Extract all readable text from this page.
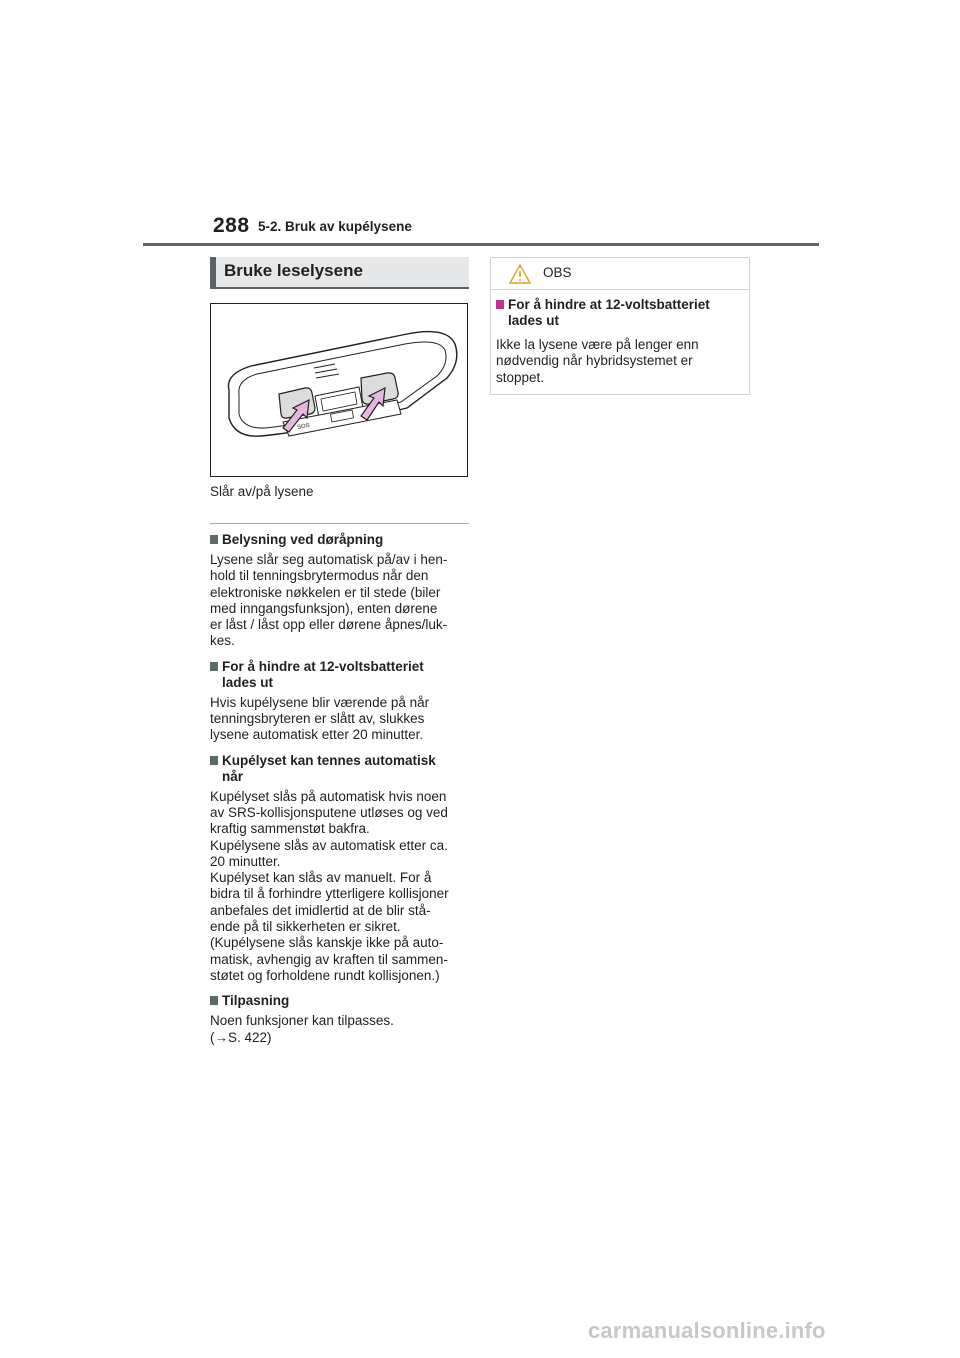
288 5-2. Bruk av kupélysene
Bruke leselysene
SOS
Slår av/på lysene
Belysning ved døråpning
Lysene slår seg automatisk på/av i hen-
hold til tenningsbrytermodus når den
elektroniske nøkkelen er til stede (biler
med inngangsfunksjon), enten dørene
er låst / låst opp eller dørene åpnes/luk-
kes.
For å hindre at 12-voltsbatteriet
lades ut
Hvis kupélysene blir værende på når
tenningsbryteren er slått av, slukkes
lysene automatisk etter 20 minutter.
Kupélyset kan tennes automatisk
når
Kupélyset slås på automatisk hvis noen
av SRS-kollisjonsputene utløses og ved
kraftig sammenstøt bakfra.
Kupélysene slås av automatisk etter ca.
20 minutter.
Kupélyset kan slås av manuelt. For å
bidra til å forhindre ytterligere kollisjoner
anbefales det imidlertid at de blir stå-
ende på til sikkerheten er sikret.
(Kupélysene slås kanskje ikke på auto-
matisk, avhengig av kraften til sammen-
støtet og forholdene rundt kollisjonen.)
Tilpasning
Noen funksjoner kan tilpasses.
(→S. 422)
OBS
For å hindre at 12-voltsbatteriet
lades ut
Ikke la lysene være på lenger enn
nødvendig når hybridsystemet er
stoppet.
carmanualsonline.info
